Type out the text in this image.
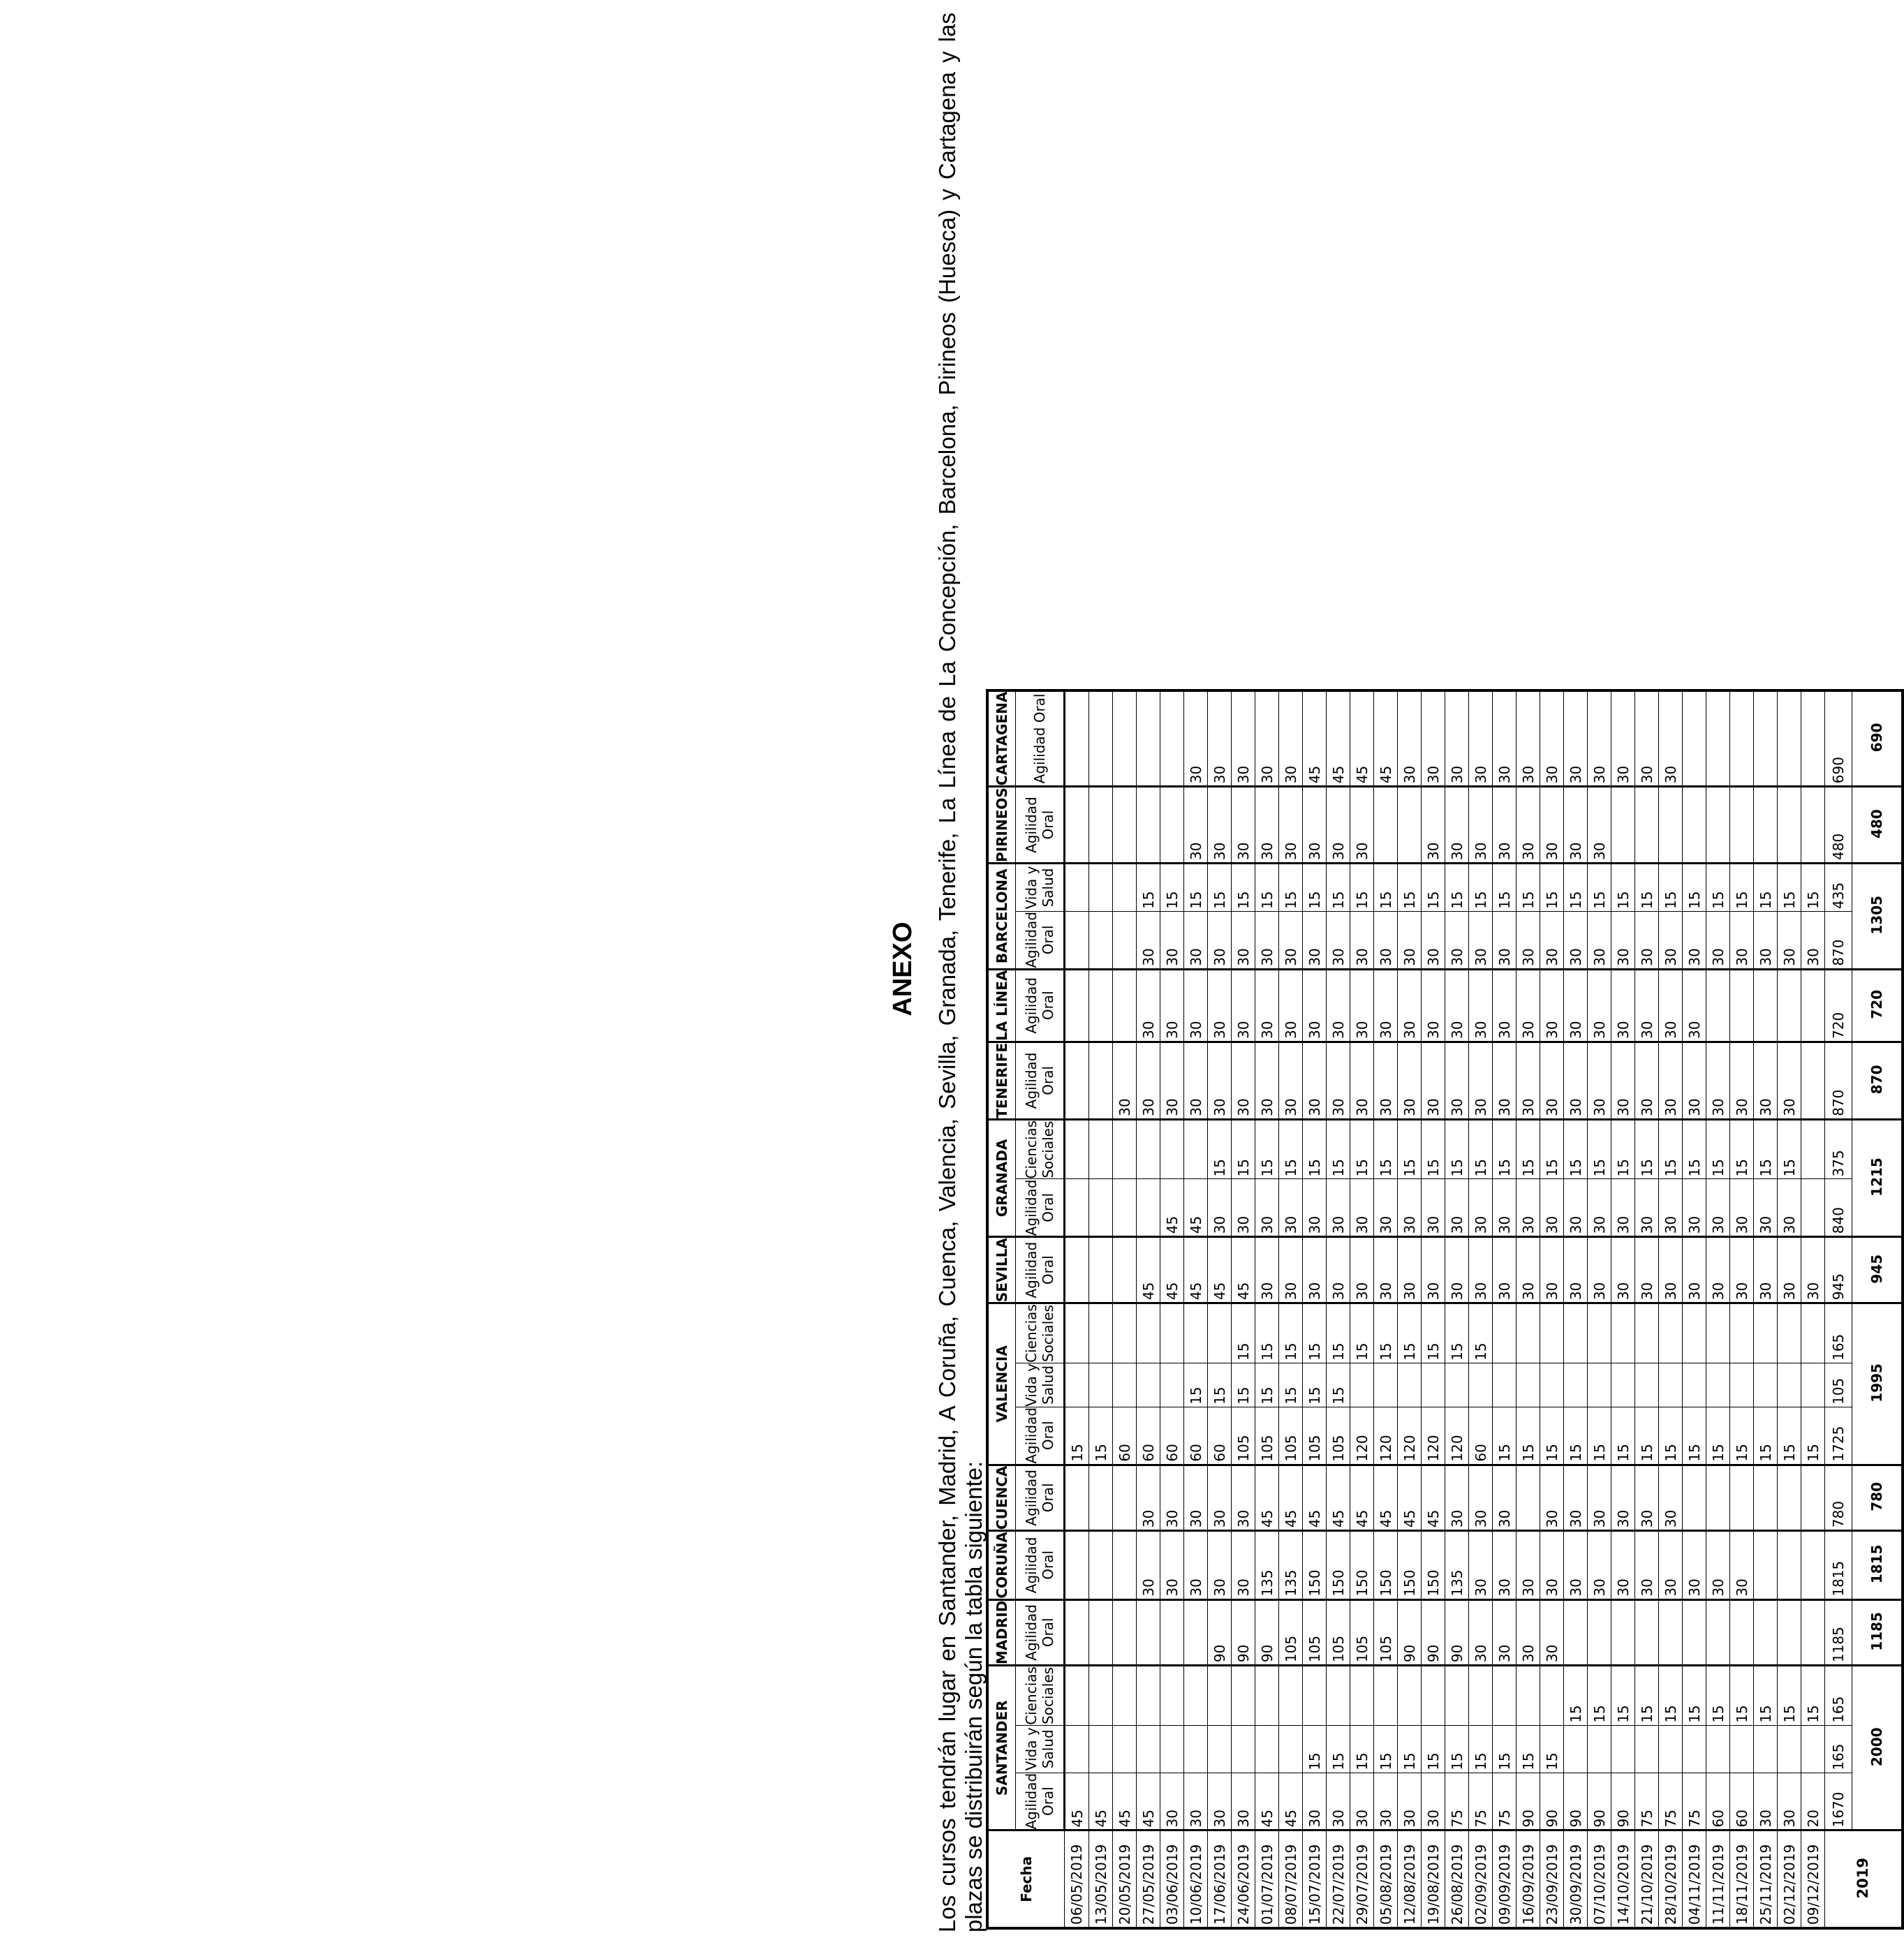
ANEXO Los cursos tendrán lugar en Santander, Madrid, A Coruña, Cuenca, Valencia, Sevilla, Granada, Tenerife, La Línea de La Concepción, Barcelona, Pirineos (Huesca) y Cartagena y las plazas se distribuirán según la tabla siguiente: Fecha	SANTANDER			MADRID	CORUÑA	CUENCA	VALENCIA			SEVILLA	GRANADA		TENERIFE	LA LÍNEA	BARCELONA		PIRINEOS	CARTAGENA
	Agilidad Oral	Vida y Salud	Ciencias Sociales	Agilidad Oral	Agilidad Oral	Agilidad Oral	Agilidad Oral	Vida y Salud	Ciencias Sociales	Agilidad Oral	Agilidad Oral	Ciencias Sociales	Agilidad Oral	Agilidad Oral	Agilidad Oral	Vida y Salud	Agilidad Oral	Agilidad Oral
06/05/2019	45						15											
13/05/2019	45						15											
20/05/2019	45						60						30					
27/05/2019	45				30	30	60			45			30	30	30	15		
03/06/2019	30				30	30	60			45	45		30	30	30	15		
10/06/2019	30				30	30	60	15		45	45		30	30	30	15	30	30
17/06/2019	30			90	30	30	60	15		45	30	15	30	30	30	15	30	30
24/06/2019	30			90	30	30	105	15	15	45	30	15	30	30	30	15	30	30
01/07/2019	45			90	135	45	105	15	15	30	30	15	30	30	30	15	30	30
08/07/2019	45			105	135	45	105	15	15	30	30	15	30	30	30	15	30	30
15/07/2019	30	15		105	150	45	105	15	15	30	30	15	30	30	30	15	30	45
22/07/2019	30	15		105	150	45	105	15	15	30	30	15	30	30	30	15	30	45
29/07/2019	30	15		105	150	45	120		15	30	30	15	30	30	30	15	30	45
05/08/2019	30	15		105	150	45	120		15	30	30	15	30	30	30	15		45
12/08/2019	30	15		90	150	45	120		15	30	30	15	30	30	30	15		30
19/08/2019	30	15		90	150	45	120		15	30	30	15	30	30	30	15	30	30
26/08/2019	75	15		90	135	30	120		15	30	30	15	30	30	30	15	30	30
02/09/2019	75	15		30	30	30	60		15	30	30	15	30	30	30	15	30	30
09/09/2019	75	15		30	30	30	15			30	30	15	30	30	30	15	30	30
16/09/2019	90	15		30	30		15			30	30	15	30	30	30	15	30	30
23/09/2019	90	15		30	30	30	15			30	30	15	30	30	30	15	30	30
30/09/2019	90		15		30	30	15			30	30	15	30	30	30	15	30	30
07/10/2019	90		15		30	30	15			30	30	15	30	30	30	15	30	30
14/10/2019	90		15		30	30	15			30	30	15	30	30	30	15		30
21/10/2019	75		15		30	30	15			30	30	15	30	30	30	15		30
28/10/2019	75		15		30	30	15			30	30	15	30	30	30	15		30
04/11/2019	75		15		30		15			30	30	15	30	30	30	15		
11/11/2019	60		15		30		15			30	30	15	30		30	15		
18/11/2019	60		15		30		15			30	30	15	30		30	15		
25/11/2019	30		15				15			30	30	15	30		30	15		
02/12/2019	30		15				15			30	30	15	30		30	15		
09/12/2019	20		15				15			30					30	15		
2019	1670	165	165	1185	1815	780	1725	105	165	945	840	375	870	720	870	435	480	690
	2000			1185	1815	780	1995			945	1215		870	720	1305		480	690
